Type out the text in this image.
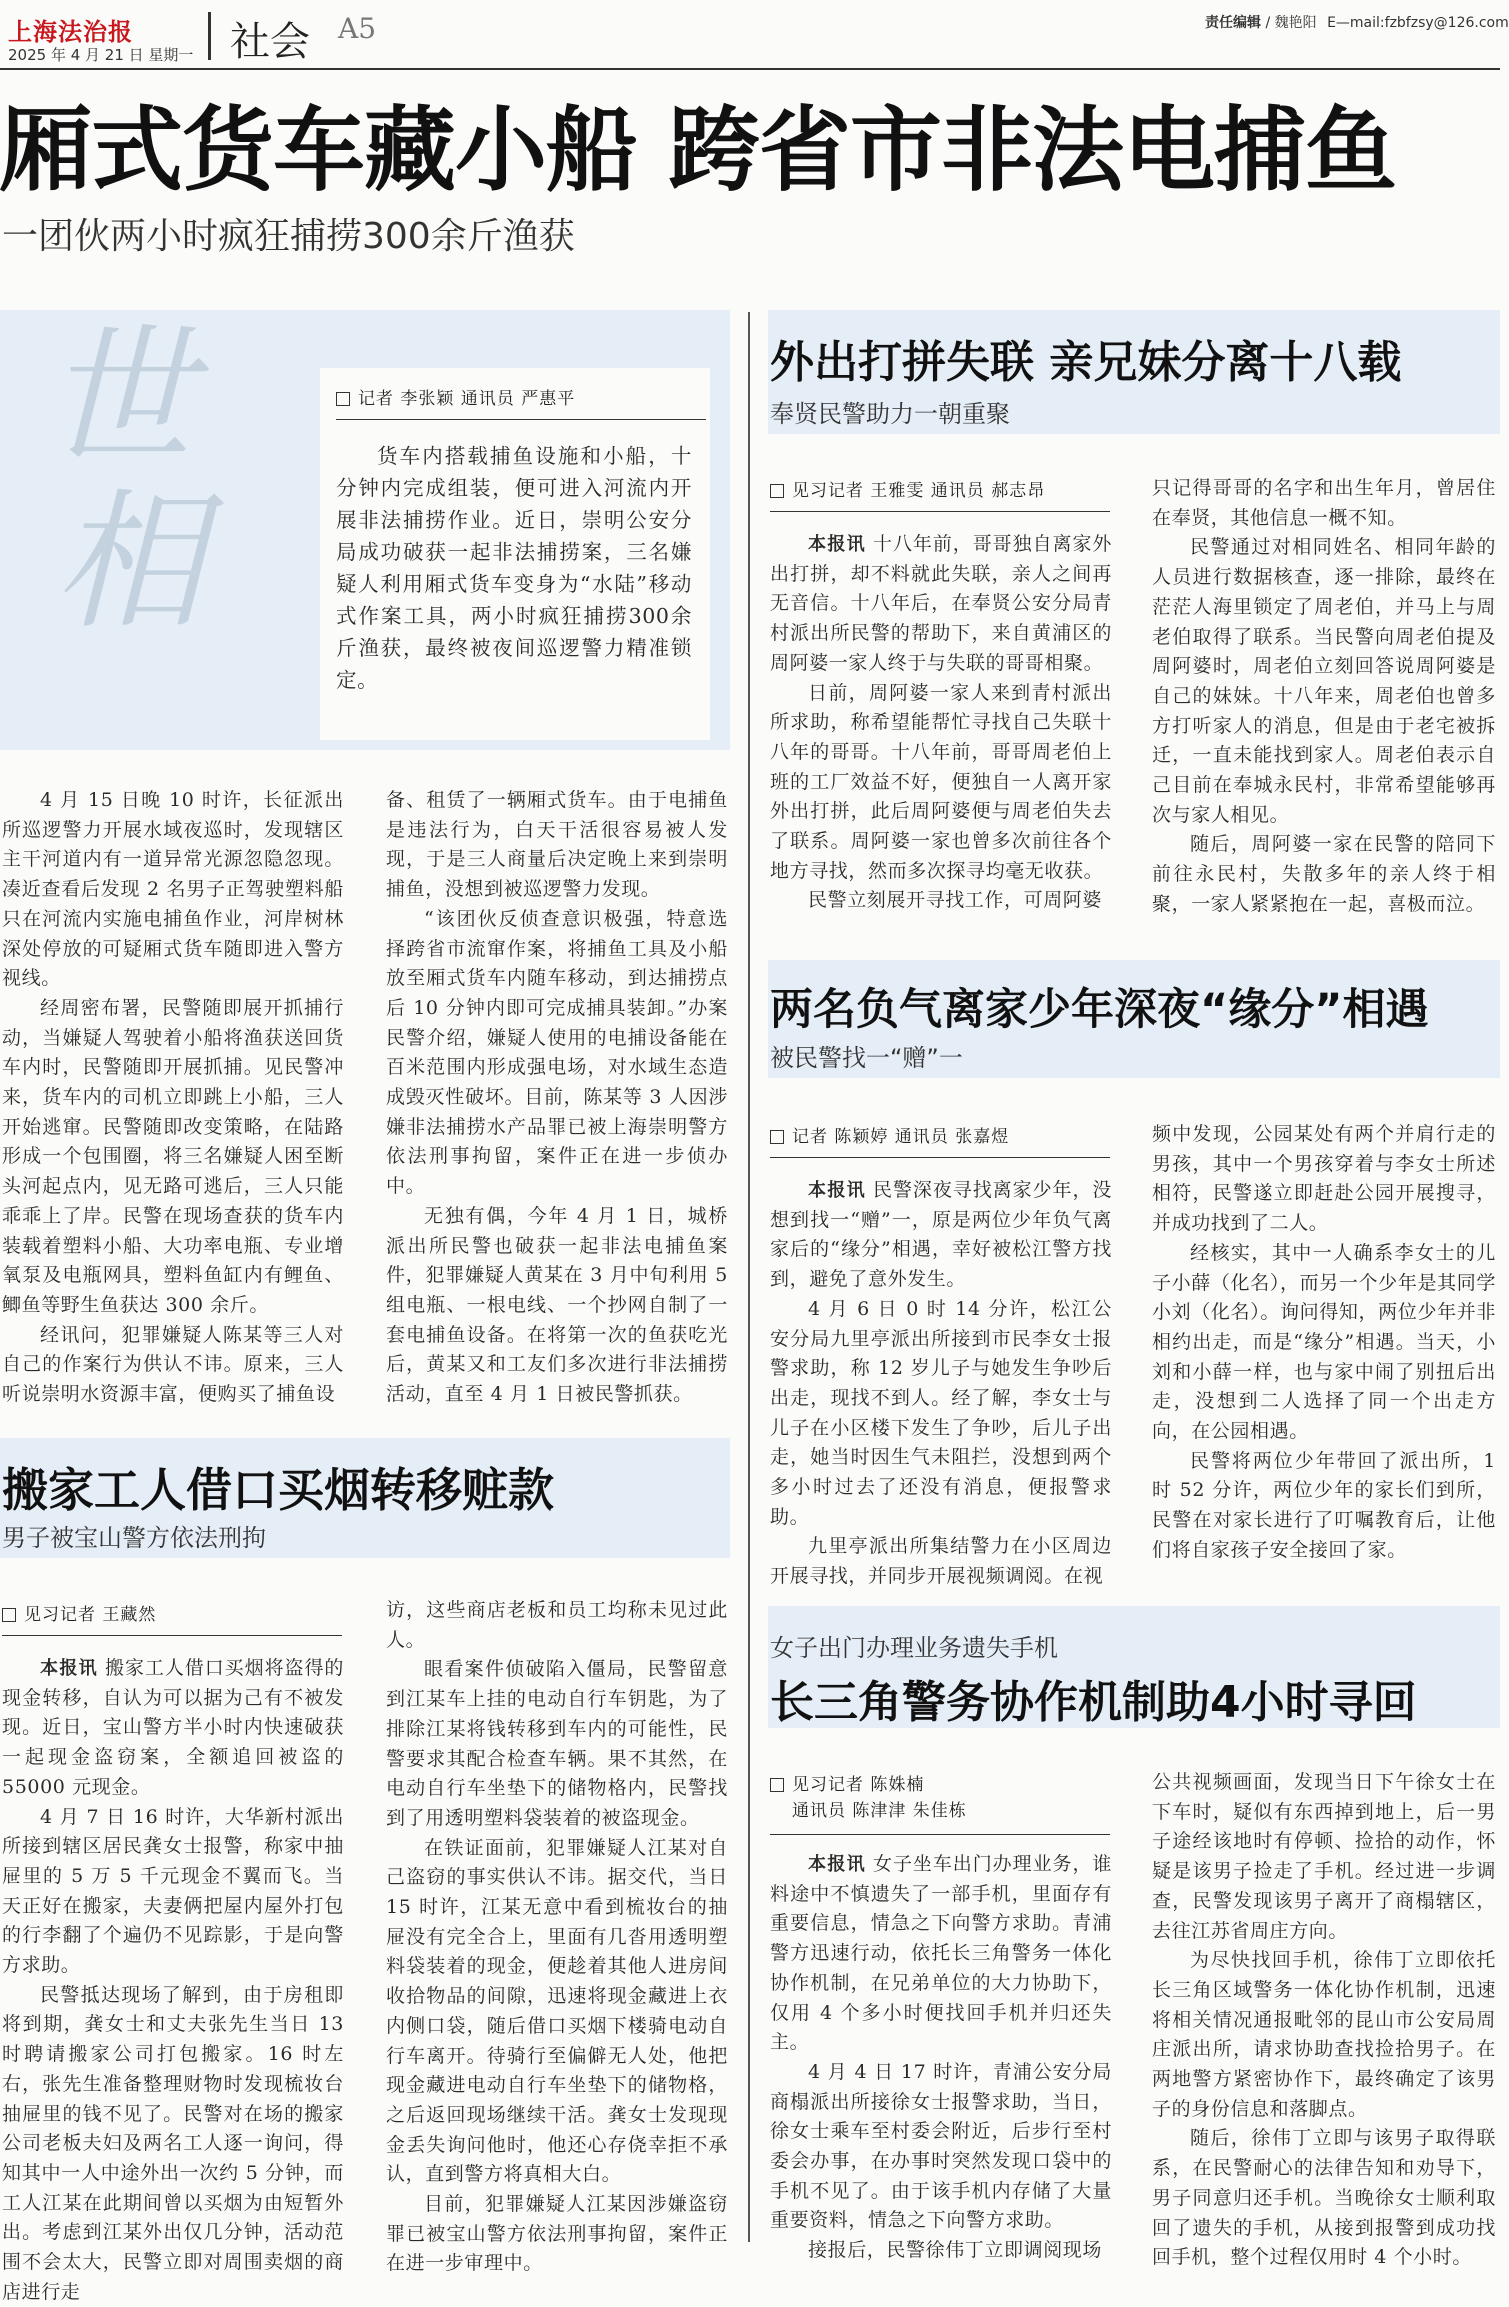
上海法治报
2025 年 4 月 21 日 星期一 社会 A5	责任编辑 / 魏艳阳 E—mail:fzbfzsy@126.com
厢式货车藏小船 跨省市非法电捕鱼
一团伙两小时疯狂捕捞300余斤渔获
世
相
记者 李张颖 通讯员 严惠平

货车内搭载捕鱼设施和小船，十分钟内完成组装，便可进入河流内开展非法捕捞作业。近日，崇明公安分局成功破获一起非法捕捞案，三名嫌疑人利用厢式货车变身为“水陆”移动式作案工具，两小时疯狂捕捞300余斤渔获，最终被夜间巡逻警力精准锁定。

4 月 15 日晚 10 时许，长征派出所巡逻警力开展水域夜巡时，发现辖区主干河道内有一道异常光源忽隐忽现。凑近查看后发现 2 名男子正驾驶塑料船只在河流内实施电捕鱼作业，河岸树林深处停放的可疑厢式货车随即进入警方视线。

经周密布署，民警随即展开抓捕行动，当嫌疑人驾驶着小船将渔获送回货车内时，民警随即开展抓捕。见民警冲来，货车内的司机立即跳上小船，三人开始逃窜。民警随即改变策略，在陆路形成一个包围圈，将三名嫌疑人困至断头河起点内，见无路可逃后，三人只能乖乖上了岸。民警在现场查获的货车内装载着塑料小船、大功率电瓶、专业增氧泵及电瓶网具，塑料鱼缸内有鲤鱼、鲫鱼等野生鱼获达 300 余斤。

经讯问，犯罪嫌疑人陈某等三人对自己的作案行为供认不讳。原来，三人听说崇明水资源丰富，便购买了捕鱼设

备、租赁了一辆厢式货车。由于电捕鱼是违法行为，白天干活很容易被人发现，于是三人商量后决定晚上来到崇明捕鱼，没想到被巡逻警力发现。

“该团伙反侦查意识极强，特意选择跨省市流窜作案，将捕鱼工具及小船放至厢式货车内随车移动，到达捕捞点后 10 分钟内即可完成捕具装卸。”办案民警介绍，嫌疑人使用的电捕设备能在百米范围内形成强电场，对水域生态造成毁灭性破坏。目前，陈某等 3 人因涉嫌非法捕捞水产品罪已被上海崇明警方依法刑事拘留，案件正在进一步侦办中。

无独有偶，今年 4 月 1 日，城桥派出所民警也破获一起非法电捕鱼案件，犯罪嫌疑人黄某在 3 月中旬利用 5 组电瓶、一根电线、一个抄网自制了一套电捕鱼设备。在将第一次的鱼获吃光后，黄某又和工友们多次进行非法捕捞活动，直至 4 月 1 日被民警抓获。

搬家工人借口买烟转移赃款
男子被宝山警方依法刑拘
见习记者 王藏然

本报讯 搬家工人借口买烟将盗得的现金转移，自认为可以据为己有不被发现。近日，宝山警方半小时内快速破获一起现金盗窃案，全额追回被盗的 55000 元现金。

4 月 7 日 16 时许，大华新村派出所接到辖区居民龚女士报警，称家中抽屉里的 5 万 5 千元现金不翼而飞。当天正好在搬家，夫妻俩把屋内屋外打包的行李翻了个遍仍不见踪影，于是向警方求助。

民警抵达现场了解到，由于房租即将到期，龚女士和丈夫张先生当日 13 时聘请搬家公司打包搬家。16 时左右，张先生准备整理财物时发现梳妆台抽屉里的钱不见了。民警对在场的搬家公司老板夫妇及两名工人逐一询问，得知其中一人中途外出一次约 5 分钟，而工人江某在此期间曾以买烟为由短暂外出。考虑到江某外出仅几分钟，活动范围不会太大，民警立即对周围卖烟的商店进行走

访，这些商店老板和员工均称未见过此人。

眼看案件侦破陷入僵局，民警留意到江某车上挂的电动自行车钥匙，为了排除江某将钱转移到车内的可能性，民警要求其配合检查车辆。果不其然，在电动自行车坐垫下的储物格内，民警找到了用透明塑料袋装着的被盗现金。

在铁证面前，犯罪嫌疑人江某对自己盗窃的事实供认不讳。据交代，当日 15 时许，江某无意中看到梳妆台的抽屉没有完全合上，里面有几沓用透明塑料袋装着的现金，便趁着其他人进房间收拾物品的间隙，迅速将现金藏进上衣内侧口袋，随后借口买烟下楼骑电动自行车离开。待骑行至偏僻无人处，他把现金藏进电动自行车坐垫下的储物格，之后返回现场继续干活。龚女士发现现金丢失询问他时，他还心存侥幸拒不承认，直到警方将真相大白。

目前，犯罪嫌疑人江某因涉嫌盗窃罪已被宝山警方依法刑事拘留，案件正在进一步审理中。

外出打拼失联 亲兄妹分离十八载
奉贤民警助力一朝重聚
见习记者 王雅雯 通讯员 郝志昂

本报讯 十八年前，哥哥独自离家外出打拼，却不料就此失联，亲人之间再无音信。十八年后，在奉贤公安分局青村派出所民警的帮助下，来自黄浦区的周阿婆一家人终于与失联的哥哥相聚。

日前，周阿婆一家人来到青村派出所求助，称希望能帮忙寻找自己失联十八年的哥哥。十八年前，哥哥周老伯上班的工厂效益不好，便独自一人离开家外出打拼，此后周阿婆便与周老伯失去了联系。周阿婆一家也曾多次前往各个地方寻找，然而多次探寻均毫无收获。

民警立刻展开寻找工作，可周阿婆

只记得哥哥的名字和出生年月，曾居住在奉贤，其他信息一概不知。

民警通过对相同姓名、相同年龄的人员进行数据核查，逐一排除，最终在茫茫人海里锁定了周老伯，并马上与周老伯取得了联系。当民警向周老伯提及周阿婆时，周老伯立刻回答说周阿婆是自己的妹妹。十八年来，周老伯也曾多方打听家人的消息，但是由于老宅被拆迁，一直未能找到家人。周老伯表示自己目前在奉城永民村，非常希望能够再次与家人相见。

随后，周阿婆一家在民警的陪同下前往永民村，失散多年的亲人终于相聚，一家人紧紧抱在一起，喜极而泣。

两名负气离家少年深夜“缘分”相遇
被民警找一“赠”一
记者 陈颖婷 通讯员 张嘉煜

本报讯 民警深夜寻找离家少年，没想到找一“赠”一，原是两位少年负气离家后的“缘分”相遇，幸好被松江警方找到，避免了意外发生。

4 月 6 日 0 时 14 分许，松江公安分局九里亭派出所接到市民李女士报警求助，称 12 岁儿子与她发生争吵后出走，现找不到人。经了解，李女士与儿子在小区楼下发生了争吵，后儿子出走，她当时因生气未阻拦，没想到两个多小时过去了还没有消息，便报警求助。

九里亭派出所集结警力在小区周边开展寻找，并同步开展视频调阅。在视

频中发现，公园某处有两个并肩行走的男孩，其中一个男孩穿着与李女士所述相符，民警遂立即赶赴公园开展搜寻，并成功找到了二人。

经核实，其中一人确系李女士的儿子小薛（化名），而另一个少年是其同学小刘（化名）。询问得知，两位少年并非相约出走，而是“缘分”相遇。当天，小刘和小薛一样，也与家中闹了别扭后出走，没想到二人选择了同一个出走方向，在公园相遇。

民警将两位少年带回了派出所，1 时 52 分许，两位少年的家长们到所，民警在对家长进行了叮嘱教育后，让他们将自家孩子安全接回了家。

女子出门办理业务遗失手机
长三角警务协作机制助4小时寻回
见习记者 陈姝楠
通讯员 陈津津 朱佳栋

本报讯 女子坐车出门办理业务，谁料途中不慎遗失了一部手机，里面存有重要信息，情急之下向警方求助。青浦警方迅速行动，依托长三角警务一体化协作机制，在兄弟单位的大力协助下，仅用 4 个多小时便找回手机并归还失主。

4 月 4 日 17 时许，青浦公安分局商榻派出所接徐女士报警求助，当日，徐女士乘车至村委会附近，后步行至村委会办事，在办事时突然发现口袋中的手机不见了。由于该手机内存储了大量重要资料，情急之下向警方求助。

接报后，民警徐伟丁立即调阅现场

公共视频画面，发现当日下午徐女士在下车时，疑似有东西掉到地上，后一男子途经该地时有停顿、捡拾的动作，怀疑是该男子捡走了手机。经过进一步调查，民警发现该男子离开了商榻辖区，去往江苏省周庄方向。

为尽快找回手机，徐伟丁立即依托长三角区域警务一体化协作机制，迅速将相关情况通报毗邻的昆山市公安局周庄派出所，请求协助查找捡拾男子。在两地警方紧密协作下，最终确定了该男子的身份信息和落脚点。

随后，徐伟丁立即与该男子取得联系，在民警耐心的法律告知和劝导下，男子同意归还手机。当晚徐女士顺利取回了遗失的手机，从接到报警到成功找回手机，整个过程仅用时 4 个小时。
